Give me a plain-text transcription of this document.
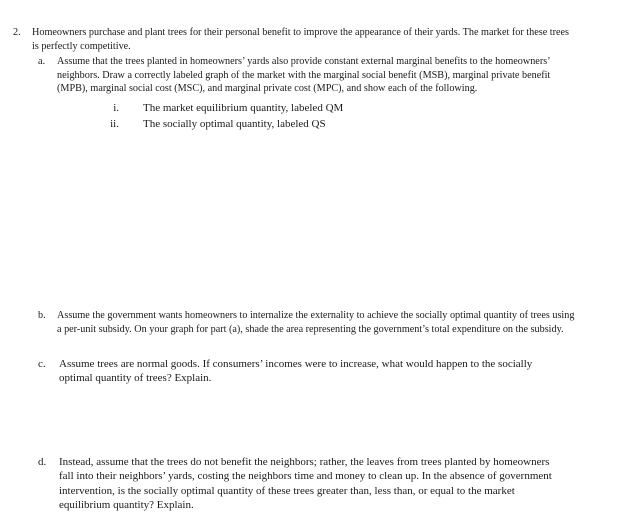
2. Homeowners purchase and plant trees for their personal benefit to improve the appearance of their yards. The market for these trees
is perfectly competitive.
a. Assume that the trees planted in homeowners’ yards also provide constant external marginal benefits to the homeowners’
neighbors. Draw a correctly labeled graph of the market with the marginal social benefit (MSB), marginal private benefit
(MPB), marginal social cost (MSC), and marginal private cost (MPC), and show each of the following.
i. The market equilibrium quantity, labeled QM
ii. The socially optimal quantity, labeled QS
b. Assume the government wants homeowners to internalize the externality to achieve the socially optimal quantity of trees using
a per-unit subsidy. On your graph for part (a), shade the area representing the government’s total expenditure on the subsidy.
c. Assume trees are normal goods. If consumers’ incomes were to increase, what would happen to the socially
optimal quantity of trees? Explain.
d. Instead, assume that the trees do not benefit the neighbors; rather, the leaves from trees planted by homeowners
fall into their neighbors’ yards, costing the neighbors time and money to clean up. In the absence of government
intervention, is the socially optimal quantity of these trees greater than, less than, or equal to the market
equilibrium quantity? Explain.
